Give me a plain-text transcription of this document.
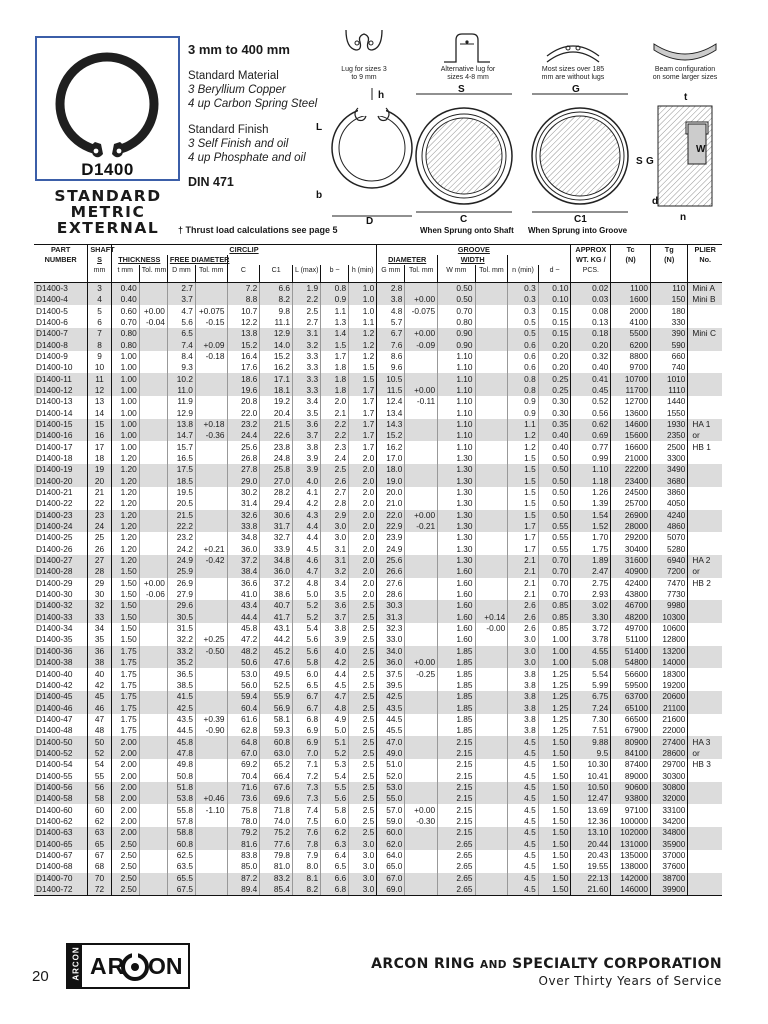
D1400
STANDARD
METRIC
EXTERNAL
3 mm to 400 mm
Standard Material
3 Beryllium Copper
4 up Carbon Spring Steel
Standard Finish
3 Self Finish and oil
4 up Phosphate and oil
DIN 471
† Thrust load calculations see page 5
Lug for sizes 3 to 9 mm
Alternative lug for sizes 4-8 mm
Most sizes over 185 mm are without lugs
Beam configuration on some larger sizes
h
L
b
D
S
C
When Sprung onto Shaft
G
C1
When Sprung into Groove
t
S G
W
d
n
PART	SHAFT	CIRCLIP									GROOVE						APPROX	Tc	Tg	PLIER
NUMBER	S	THICKNESS		FREE DIAMETER							DIAMETER		WIDTH				WT. KG /	(N)	(N)	No.
	mm	t mm	Tol. mm	D mm	Tol. mm	C	C1	L (max)	b ~	h (min)	G mm	Tol. mm	W mm	Tol. mm	n (min)	d ~	PCS.			
D1400-3	3	0.40		2.7		7.2	6.6	1.9	0.8	1.0	2.8		0.50		0.3	0.10	0.02	1100	110	Mini A
D1400-4	4	0.40		3.7		8.8	8.2	2.2	0.9	1.0	3.8	+0.00	0.50		0.3	0.10	0.03	1600	150	Mini B
D1400-5	5	0.60	+0.00	4.7	+0.075	10.7	9.8	2.5	1.1	1.0	4.8	-0.075	0.70		0.3	0.15	0.08	2000	180	
D1400-6	6	0.70	-0.04	5.6	-0.15	12.2	11.1	2.7	1.3	1.1	5.7		0.80		0.5	0.15	0.13	4100	330	
D1400-7	7	0.80		6.5		13.8	12.9	3.1	1.4	1.2	6.7	+0.00	0.90		0.5	0.15	0.18	5500	390	Mini C
D1400-8	8	0.80		7.4	+0.09	15.2	14.0	3.2	1.5	1.2	7.6	-0.09	0.90		0.6	0.20	0.20	6200	590	
D1400-9	9	1.00		8.4	-0.18	16.4	15.2	3.3	1.7	1.2	8.6		1.10		0.6	0.20	0.32	8800	660	
D1400-10	10	1.00		9.3		17.6	16.2	3.3	1.8	1.5	9.6		1.10		0.6	0.20	0.40	9700	740	
D1400-11	11	1.00		10.2		18.6	17.1	3.3	1.8	1.5	10.5		1.10		0.8	0.25	0.41	10700	1010	
D1400-12	12	1.00		11.0		19.6	18.1	3.3	1.8	1.7	11.5	+0.00	1.10		0.8	0.25	0.45	11700	1110	
D1400-13	13	1.00		11.9		20.8	19.2	3.4	2.0	1.7	12.4	-0.11	1.10		0.9	0.30	0.52	12700	1440	
D1400-14	14	1.00		12.9		22.0	20.4	3.5	2.1	1.7	13.4		1.10		0.9	0.30	0.56	13600	1550	
D1400-15	15	1.00		13.8	+0.18	23.2	21.5	3.6	2.2	1.7	14.3		1.10		1.1	0.35	0.62	14600	1930	HA 1
D1400-16	16	1.00		14.7	-0.36	24.4	22.6	3.7	2.2	1.7	15.2		1.10		1.2	0.40	0.69	15600	2350	or
D1400-17	17	1.00		15.7		25.6	23.8	3.8	2.3	1.7	16.2		1.10		1.2	0.40	0.77	16600	2500	HB 1
D1400-18	18	1.20		16.5		26.8	24.8	3.9	2.4	2.0	17.0		1.30		1.5	0.50	0.99	21000	3300	
D1400-19	19	1.20		17.5		27.8	25.8	3.9	2.5	2.0	18.0		1.30		1.5	0.50	1.10	22200	3490	
D1400-20	20	1.20		18.5		29.0	27.0	4.0	2.6	2.0	19.0		1.30		1.5	0.50	1.18	23400	3680	
D1400-21	21	1.20		19.5		30.2	28.2	4.1	2.7	2.0	20.0		1.30		1.5	0.50	1.26	24500	3860	
D1400-22	22	1.20		20.5		31.4	29.4	4.2	2.8	2.0	21.0		1.30		1.5	0.50	1.39	25700	4050	
D1400-23	23	1.20		21.5		32.6	30.6	4.3	2.9	2.0	22.0	+0.00	1.30		1.5	0.50	1.54	26900	4240	
D1400-24	24	1.20		22.2		33.8	31.7	4.4	3.0	2.0	22.9	-0.21	1.30		1.7	0.55	1.52	28000	4860	
D1400-25	25	1.20		23.2		34.8	32.7	4.4	3.0	2.0	23.9		1.30		1.7	0.55	1.70	29200	5070	
D1400-26	26	1.20		24.2	+0.21	36.0	33.9	4.5	3.1	2.0	24.9		1.30		1.7	0.55	1.75	30400	5280	
D1400-27	27	1.20		24.9	-0.42	37.2	34.8	4.6	3.1	2.0	25.6		1.30		2.1	0.70	1.89	31600	6940	HA 2
D1400-28	28	1.50		25.9		38.4	36.0	4.7	3.2	2.0	26.6		1.60		2.1	0.70	2.47	40900	7200	or
D1400-29	29	1.50	+0.00	26.9		36.6	37.2	4.8	3.4	2.0	27.6		1.60		2.1	0.70	2.75	42400	7470	HB 2
D1400-30	30	1.50	-0.06	27.9		41.0	38.6	5.0	3.5	2.0	28.6		1.60		2.1	0.70	2.93	43800	7730	
D1400-32	32	1.50		29.6		43.4	40.7	5.2	3.6	2.5	30.3		1.60		2.6	0.85	3.02	46700	9980	
D1400-33	33	1.50		30.5		44.4	41.7	5.2	3.7	2.5	31.3		1.60	+0.14	2.6	0.85	3.30	48200	10300	
D1400-34	34	1.50		31.5		45.8	43.1	5.4	3.8	2.5	32.3		1.60	-0.00	2.6	0.85	3.72	49700	10600	
D1400-35	35	1.50		32.2	+0.25	47.2	44.2	5.6	3.9	2.5	33.0		1.60		3.0	1.00	3.78	51100	12800	
D1400-36	36	1.75		33.2	-0.50	48.2	45.2	5.6	4.0	2.5	34.0		1.85		3.0	1.00	4.55	51400	13200	
D1400-38	38	1.75		35.2		50.6	47.6	5.8	4.2	2.5	36.0	+0.00	1.85		3.0	1.00	5.08	54800	14000	
D1400-40	40	1.75		36.5		53.0	49.5	6.0	4.4	2.5	37.5	-0.25	1.85		3.8	1.25	5.54	56600	18300	
D1400-42	42	1.75		38.5		56.0	52.5	6.5	4.5	2.5	39.5		1.85		3.8	1.25	5.99	59500	19200	
D1400-45	45	1.75		41.5		59.4	55.9	6.7	4.7	2.5	42.5		1.85		3.8	1.25	6.75	63700	20600	
D1400-46	46	1.75		42.5		60.4	56.9	6.7	4.8	2.5	43.5		1.85		3.8	1.25	7.24	65100	21100	
D1400-47	47	1.75		43.5	+0.39	61.6	58.1	6.8	4.9	2.5	44.5		1.85		3.8	1.25	7.30	66500	21600	
D1400-48	48	1.75		44.5	-0.90	62.8	59.3	6.9	5.0	2.5	45.5		1.85		3.8	1.25	7.51	67900	22000	
D1400-50	50	2.00		45.8		64.8	60.8	6.9	5.1	2.5	47.0		2.15		4.5	1.50	9.88	80900	27400	HA 3
D1400-52	52	2.00		47.8		67.0	63.0	7.0	5.2	2.5	49.0		2.15		4.5	1.50	9.5	84100	28600	or
D1400-54	54	2.00		49.8		69.2	65.2	7.1	5.3	2.5	51.0		2.15		4.5	1.50	10.30	87400	29700	HB 3
D1400-55	55	2.00		50.8		70.4	66.4	7.2	5.4	2.5	52.0		2.15		4.5	1.50	10.41	89000	30300	
D1400-56	56	2.00		51.8		71.6	67.6	7.3	5.5	2.5	53.0		2.15		4.5	1.50	10.50	90600	30800	
D1400-58	58	2.00		53.8	+0.46	73.6	69.6	7.3	5.6	2.5	55.0		2.15		4.5	1.50	12.47	93800	32000	
D1400-60	60	2.00		55.8	-1.10	75.8	71.8	7.4	5.8	2.5	57.0	+0.00	2.15		4.5	1.50	13.69	97100	33100	
D1400-62	62	2.00		57.8		78.0	74.0	7.5	6.0	2.5	59.0	-0.30	2.15		4.5	1.50	12.36	100000	34200	
D1400-63	63	2.00		58.8		79.2	75.2	7.6	6.2	2.5	60.0		2.15		4.5	1.50	13.10	102000	34800	
D1400-65	65	2.50		60.8		81.6	77.6	7.8	6.3	3.0	62.0		2.65		4.5	1.50	20.44	131000	35900	
D1400-67	67	2.50		62.5		83.8	79.8	7.9	6.4	3.0	64.0		2.65		4.5	1.50	20.43	135000	37000	
D1400-68	68	2.50		63.5		85.0	81.0	8.0	6.5	3.0	65.0		2.65		4.5	1.50	19.55	138000	37600	
D1400-70	70	2.50		65.5		87.2	83.2	8.1	6.6	3.0	67.0		2.65		4.5	1.50	22.13	142000	38700	
D1400-72	72	2.50		67.5		89.4	85.4	8.2	6.8	3.0	69.0		2.65		4.5	1.50	21.60	146000	39900	
20	ARCON AR ON	ARCON RING AND SPECIALTY CORPORATION
Over Thirty Years of Service
